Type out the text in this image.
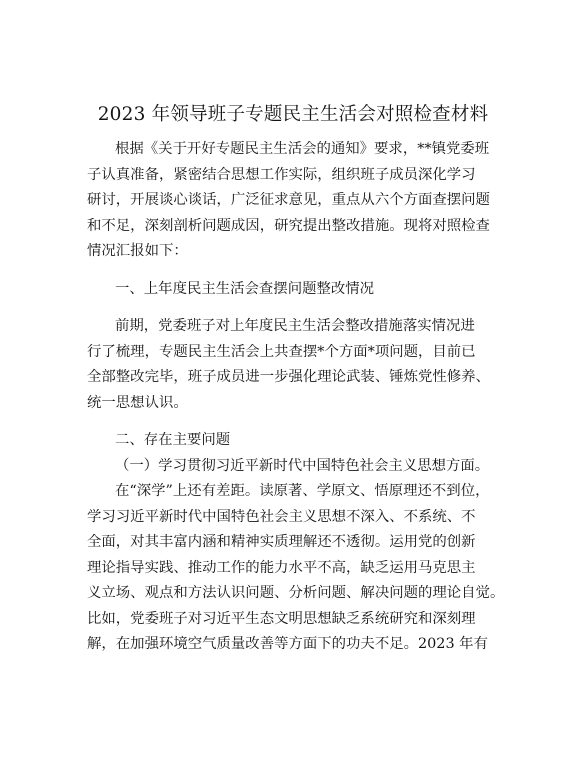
2023 年领导班子专题民主生活会对照检查材料
根据《关于开好专题民主生活会的通知》要求，**镇党委班
子认真准备，紧密结合思想工作实际，组织班子成员深化学习
研讨，开展谈心谈话，广泛征求意见，重点从六个方面查摆问题
和不足，深刻剖析问题成因，研究提出整改措施。现将对照检查
情况汇报如下：
一、上年度民主生活会查摆问题整改情况
前期，党委班子对上年度民主生活会整改措施落实情况进
行了梳理，专题民主生活会上共查摆*个方面*项问题，目前已
全部整改完毕，班子成员进一步强化理论武装、锤炼党性修养、
统一思想认识。
二、存在主要问题
（一）学习贯彻习近平新时代中国特色社会主义思想方面。
在“深学”上还有差距。读原著、学原文、悟原理还不到位，
学习习近平新时代中国特色社会主义思想不深入、不系统、不
全面，对其丰富内涵和精神实质理解还不透彻。运用党的创新
理论指导实践、推动工作的能力水平不高，缺乏运用马克思主
义立场、观点和方法认识问题、分析问题、解决问题的理论自觉。
比如，党委班子对习近平生态文明思想缺乏系统研究和深刻理
解，在加强环境空气质量改善等方面下的功夫不足。2023 年有
